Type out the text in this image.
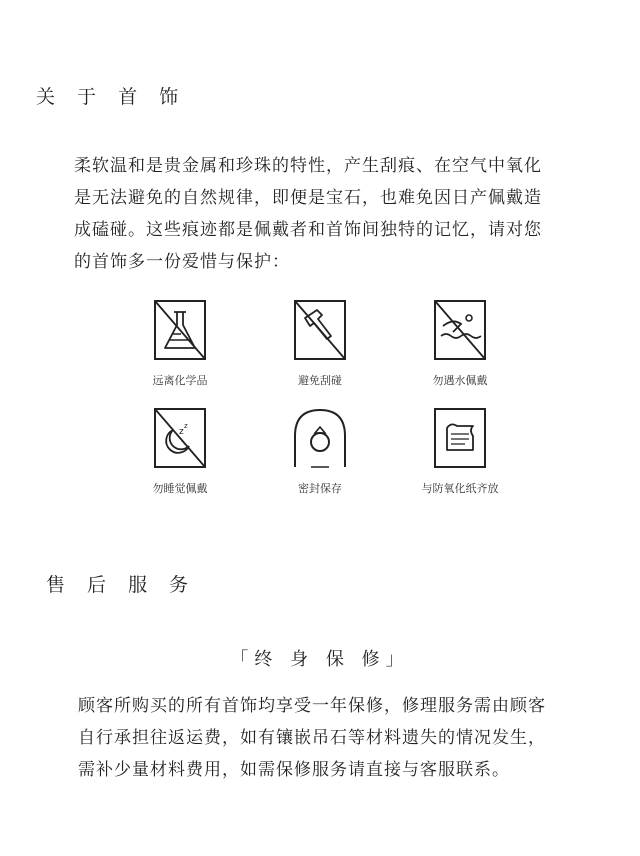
关 于 首 饰
柔软温和是贵金属和珍珠的特性，产生刮痕、在空气中氧化
是无法避免的自然规律，即便是宝石，也难免因日产佩戴造
成磕碰。这些痕迹都是佩戴者和首饰间独特的记忆，请对您
的首饰多一份爱惜与保护：
远离化学品	避免刮碰	勿遇水佩戴
z
z
勿睡觉佩戴	密封保存	与防氧化纸齐放
售 后 服 务
「终 身 保 修」
顾客所购买的所有首饰均享受一年保修，修理服务需由顾客
自行承担往返运费，如有镶嵌吊石等材料遗失的情况发生，
需补少量材料费用，如需保修服务请直接与客服联系。
